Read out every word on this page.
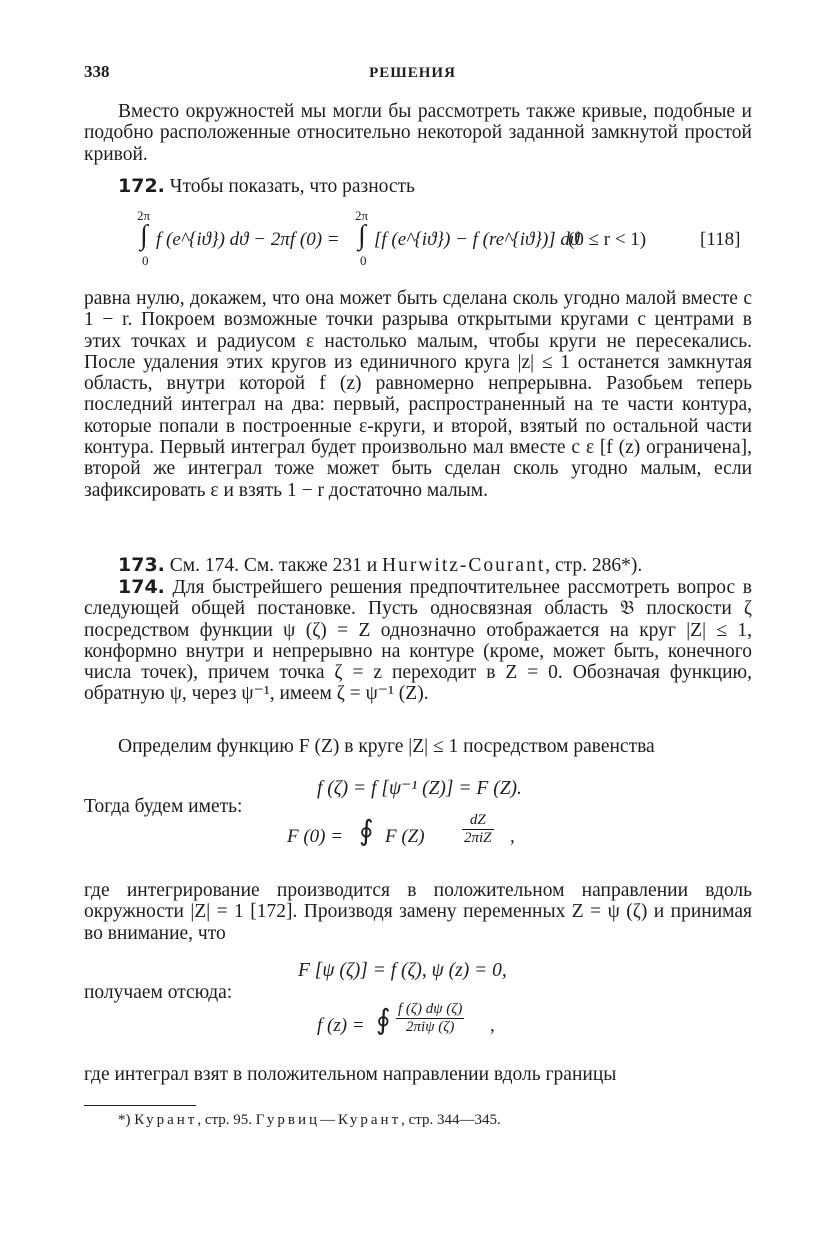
338	РЕШЕНИЯ

Вместо окружностей мы могли бы рассмотреть также кривые, подобные и подобно расположенные относительно некоторой заданной замкнутой простой кривой.

172. Чтобы показать, что разность

2π
∫
0
f (e^{iϑ}) dϑ − 2πf (0) =
2π
∫
0
[f (e^{iϑ}) − f (re^{iϑ})] dϑ
(0 ≤ r < 1)	[118]

равна нулю, докажем, что она может быть сделана сколь угодно малой вместе с 1 − r. Покроем возможные точки разрыва открытыми кругами с центрами в этих точках и радиусом ε настолько малым, чтобы круги не пересекались. После удаления этих кругов из единичного круга |z| ≤ 1 останется замкнутая область, внутри которой f (z) равномерно непрерывна. Разобьем теперь последний интеграл на два: первый, распространенный на те части контура, которые попали в построенные ε-круги, и второй, взятый по остальной части контура. Первый интеграл будет произвольно мал вместе с ε [f (z) ограничена], второй же интеграл тоже может быть сделан сколь угодно малым, если зафиксировать ε и взять 1 − r достаточно малым.

173. См. 174. См. также 231 и Hurwitz-Courant, стр. 286*).

174. Для быстрейшего решения предпочтительнее рассмотреть вопрос в следующей общей постановке. Пусть односвязная область 𝔅 плоскости ζ посредством функции ψ (ζ) = Z однозначно отображается на круг |Z| ≤ 1, конформно внутри и непрерывно на контуре (кроме, может быть, конечного числа точек), причем точка ζ = z переходит в Z = 0. Обозначая функцию, обратную ψ, через ψ⁻¹, имеем ζ = ψ⁻¹ (Z).

Определим функцию F (Z) в круге |Z| ≤ 1 посредством равенства

f (ζ) = f [ψ⁻¹ (Z)] = F (Z).
Тогда будем иметь:
F (0) = ∮ F $(Z) \frac{dZ}{\text{2πiZ}}$ ,

где интегрирование производится в положительном направлении вдоль окружности |Z| = 1 [172]. Производя замену переменных Z = ψ (ζ) и принимая во внимание, что

F [ψ (ζ)] = f (ζ), ψ (z) = 0,
получаем отсюда:
f (z) = ∮ $\frac{f (\zeta) d\psi (\zeta)}{\text{2πiψ (ζ)}}$ ,

где интеграл взят в положительном направлении вдоль границы

*) Курант, стр. 95. Гурвиц—Курант, стр. 344—345.
